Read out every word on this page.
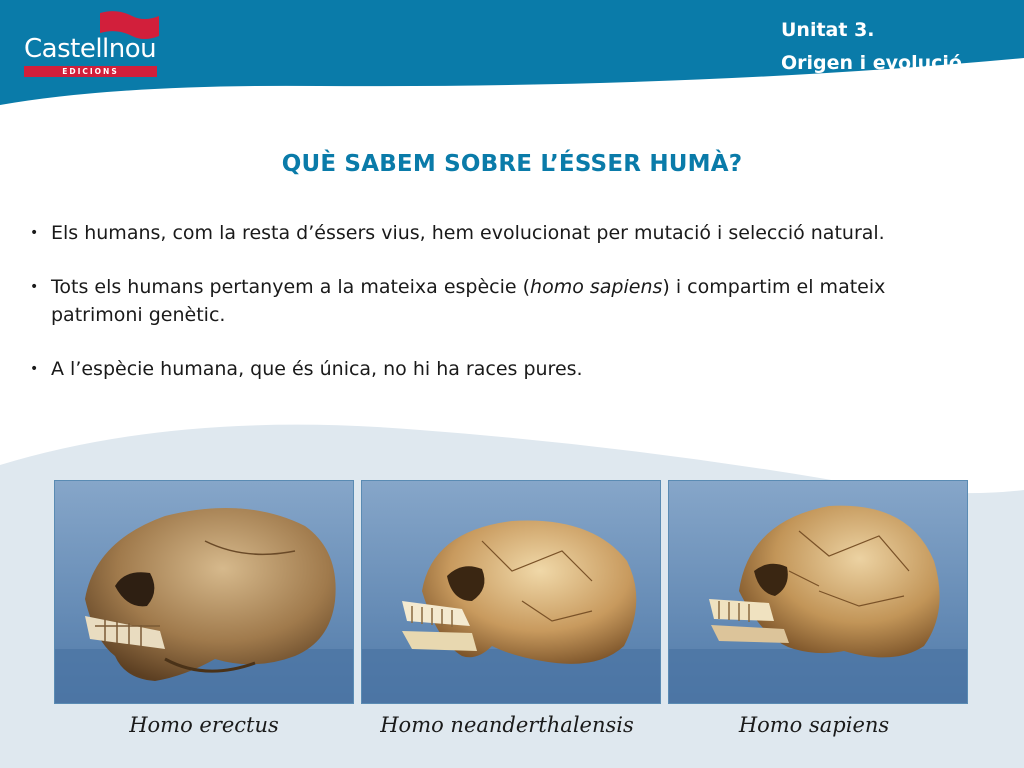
Castellnou
EDICIONS
Unitat 3.
Origen i evolució
de l’ésser humà
QUÈ SABEM SOBRE L’ÉSSER HUMÀ?
• Els humans, com la resta d’éssers vius, hem evolucionat per mutació i selecció natural.
• Tots els humans pertanyem a la mateixa espècie (homo sapiens) i compartim el mateix patrimoni genètic.
• A l’espècie humana, que és única, no hi ha races pures.
Homo erectus	Homo neanderthalensis	Homo sapiens
